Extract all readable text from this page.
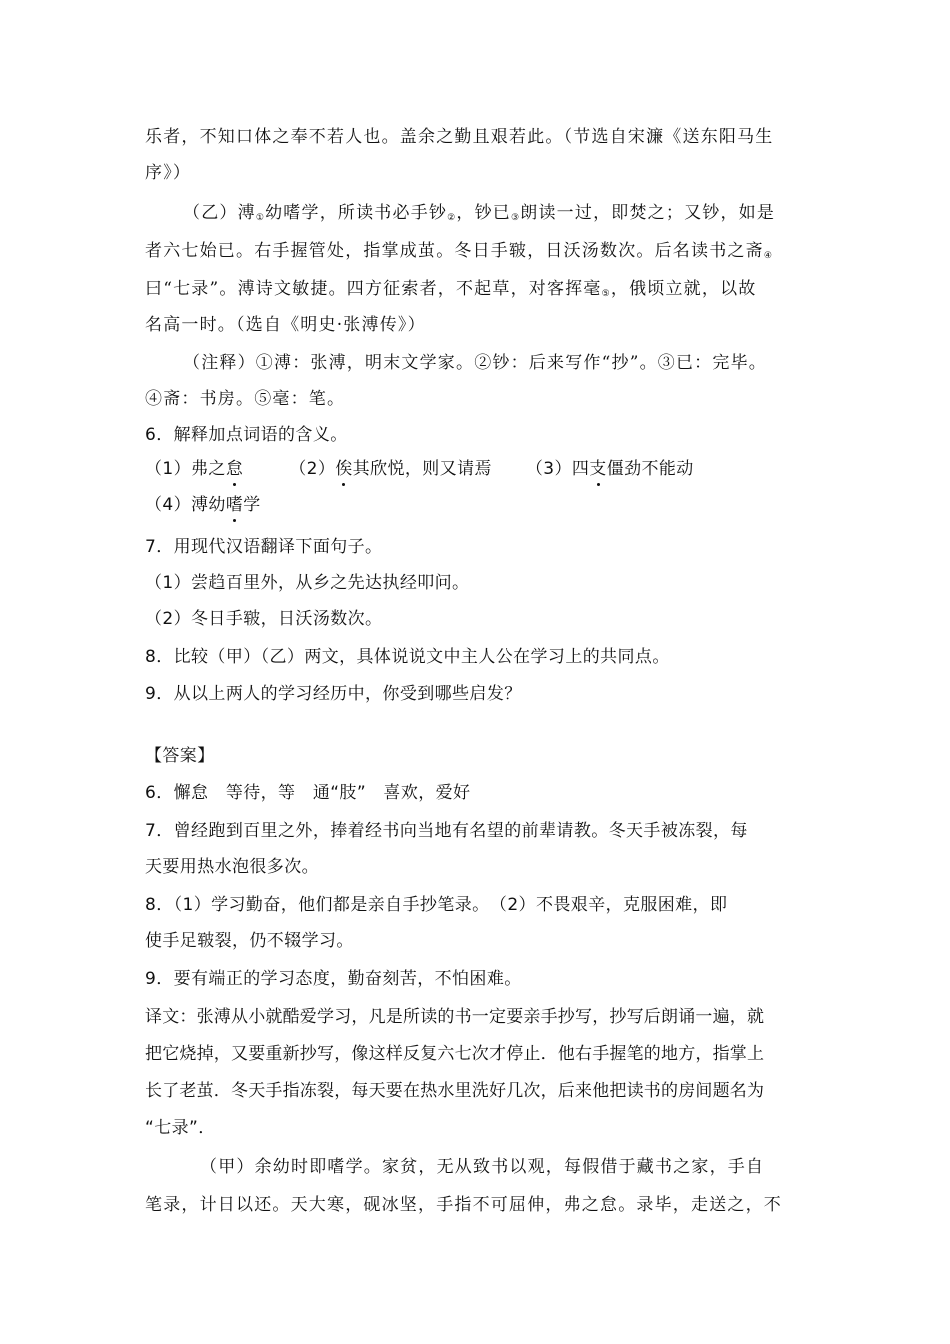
乐者，不知口体之奉不若人也。盖余之勤且艰若此。（节选自宋濂《送东阳马生
序》）
（乙）溥$_①$幼嗜学，所读书必手钞$_②$，钞已$_③$朗读一过，即焚之；又钞，如是
者六七始已。右手握管处，指掌成茧。冬日手皲，日沃汤数次。后名读书之斋$_④$
曰“七录”。溥诗文敏捷。四方征索者，不起草，对客挥毫$_⑤$，俄顷立就，以故
名高一时。（选自《明史·张溥传》）
（注释）①溥：张溥，明末文学家。②钞：后来写作“抄”。③已：完毕。
④斋：书房。⑤毫：笔。
6．解释加点词语的含义。
（1）弗之怠	（2）俟其欣悦，则又请焉 （3）四支僵劲不能动
（4）溥幼嗜学
7．用现代汉语翻译下面句子。
（1）尝趋百里外，从乡之先达执经叩问。
（2）冬日手皲，日沃汤数次。
8．比较（甲）（乙）两文，具体说说文中主人公在学习上的共同点。
9．从以上两人的学习经历中，你受到哪些启发？
【答案】
6．懈怠　等待，等　通“肢”　喜欢，爱好
7．曾经跑到百里之外，捧着经书向当地有名望的前辈请教。冬天手被冻裂，每
天要用热水泡很多次。
8．（1）学习勤奋，他们都是亲自手抄笔录。　（2）不畏艰辛，克服困难，即
使手足皲裂，仍不辍学习。
9．要有端正的学习态度，勤奋刻苦，不怕困难。
译文：张溥从小就酷爱学习，凡是所读的书一定要亲手抄写，抄写后朗诵一遍，就
把它烧掉，又要重新抄写，像这样反复六七次才停止．他右手握笔的地方，指掌上
长了老茧．冬天手指冻裂，每天要在热水里洗好几次，后来他把读书的房间题名为
“七录”．
（甲）余幼时即嗜学。家贫，无从致书以观，每假借于藏书之家，手自
笔录，计日以还。天大寒，砚冰坚，手指不可屈伸，弗之怠。录毕，走送之，不
